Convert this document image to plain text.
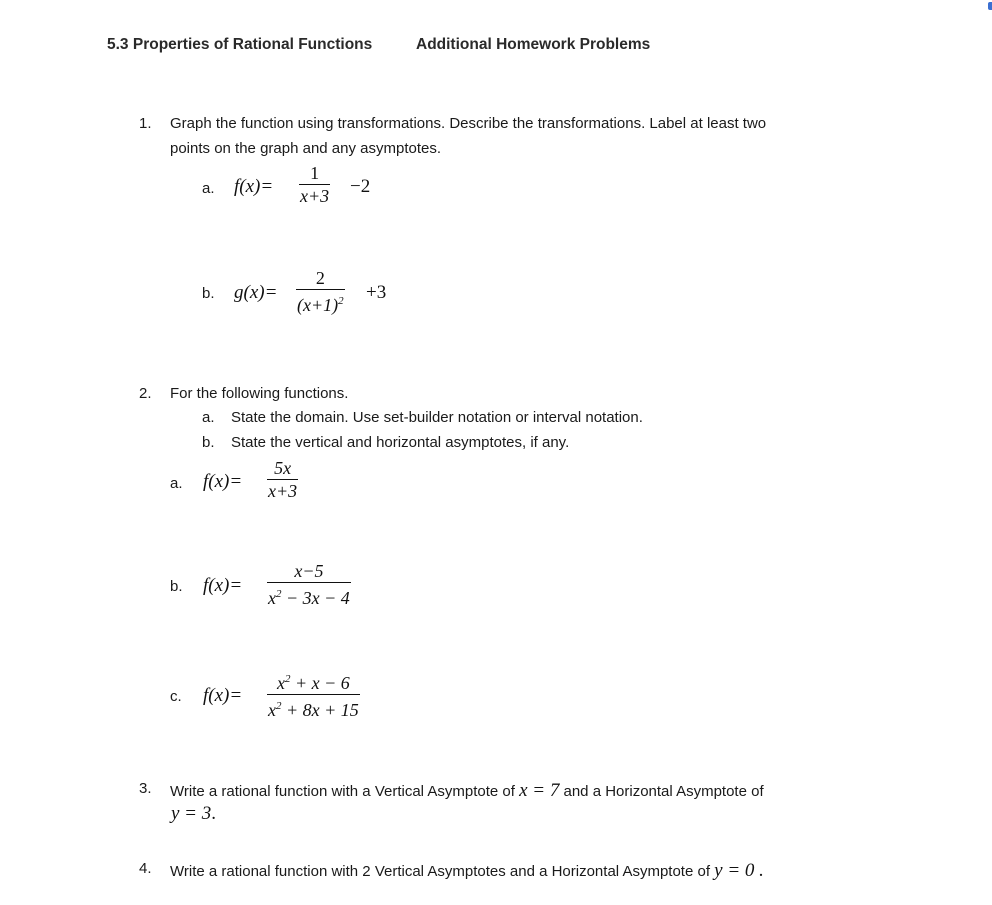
5.3 Properties of Rational Functions	Additional Homework Problems
1. Graph the function using transformations. Describe the transformations. Label at least two
points on the graph and any asymptotes.
a. f(x)=
1
x+3 −2
b. g(x)=
2
$(x+1)^2 +3$
2. For the following functions.
a. State the domain. Use set-builder notation or interval notation.
b. State the vertical and horizontal asymptotes, if any.
a. f(x)=
5x
x+3
b. f(x)=
x−5
$x^2 - 3x - 4$
c. f(x)=
$x^2 + x - 6$
$x^2 + 8x + 15$
3. Write a rational function with a Vertical Asymptote of x = 7 and a Horizontal Asymptote of
y = 3.
4. Write a rational function with 2 Vertical Asymptotes and a Horizontal Asymptote of y = 0 .
